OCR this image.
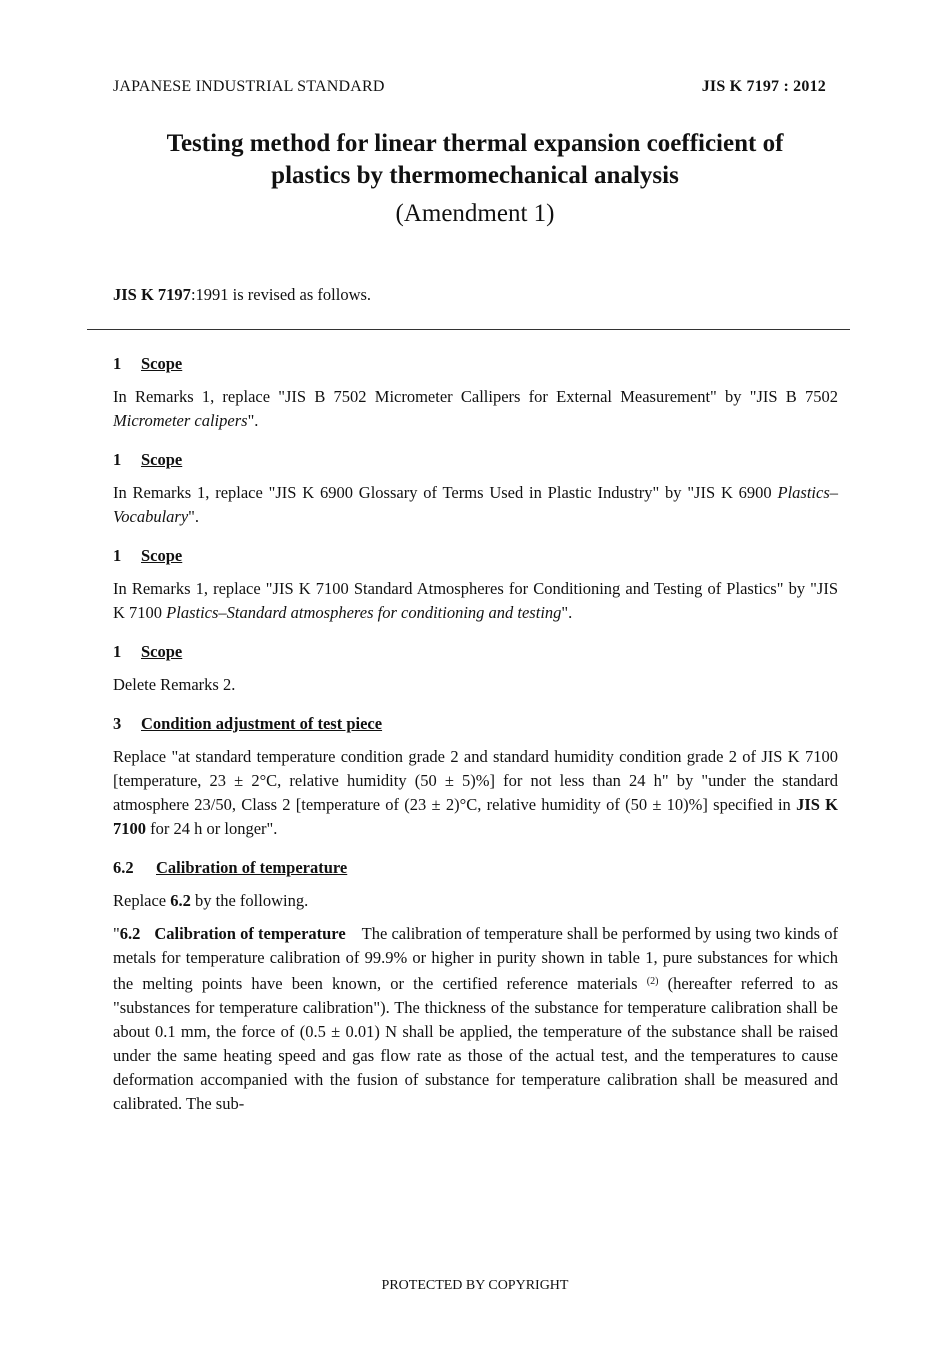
JAPANESE INDUSTRIAL STANDARD	JIS K 7197 : 2012
Testing method for linear thermal expansion coefficient of
plastics by thermomechanical analysis
(Amendment 1)
JIS K 7197:1991 is revised as follows.
1 Scope

In Remarks 1, replace "JIS B 7502 Micrometer Callipers for External Measurement" by "JIS B 7502 Micrometer calipers".

1 Scope

In Remarks 1, replace "JIS K 6900 Glossary of Terms Used in Plastic Industry" by "JIS K 6900 Plastics–Vocabulary".

1 Scope

In Remarks 1, replace "JIS K 7100 Standard Atmospheres for Conditioning and Testing of Plastics" by "JIS K 7100 Plastics–Standard atmospheres for conditioning and testing".

1 Scope

Delete Remarks 2.

3 Condition adjustment of test piece

Replace "at standard temperature condition grade 2 and standard humidity condition grade 2 of JIS K 7100 [temperature, 23 ± 2°C, relative humidity (50 ± 5)%] for not less than 24 h" by "under the standard atmosphere 23/50, Class 2 [temperature of (23 ± 2)°C, relative humidity of (50 ± 10)%] specified in JIS K 7100 for 24 h or longer".

6.2 Calibration of temperature

Replace 6.2 by the following.

"6.2 Calibration of temperature The calibration of temperature shall be performed by using two kinds of metals for temperature calibration of 99.9% or higher in purity shown in table 1, pure substances for which the melting points have been known, or the certified reference materials $^{(2)}$ (hereafter referred to as "substances for temperature calibration"). The thickness of the substance for temperature calibration shall be about 0.1 mm, the force of (0.5 ± 0.01) N shall be applied, the temperature of the substance shall be raised under the same heating speed and gas flow rate as those of the actual test, and the temperatures to cause deformation accompanied with the fusion of substance for temperature calibration shall be measured and calibrated. The sub-

PROTECTED BY COPYRIGHT
